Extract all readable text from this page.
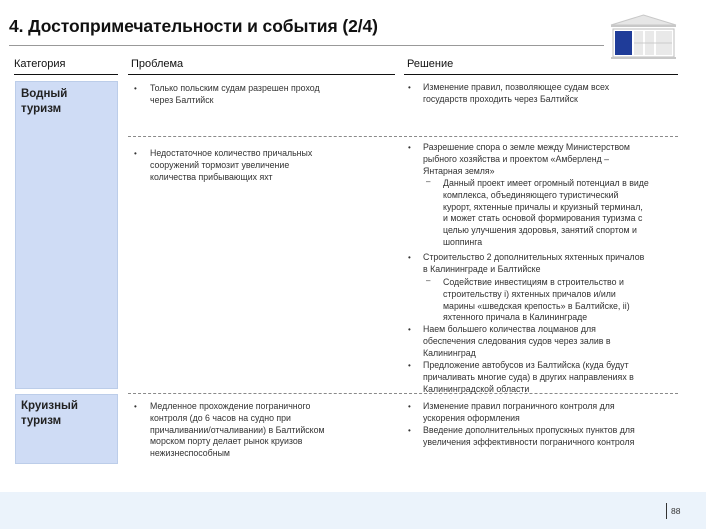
4. Достопримечательности и события (2/4)
Категория	Проблема	Решение
Водный
туризм
Круизный
туризм
• Только польским судам разрешен проход
через Балтийск
• Недостаточное количество причальных
сооружений тормозит увеличение
количества прибывающих яхт
• Медленное прохождение пограничного
контроля (до 6 часов на судно при
причаливании/отчаливании) в Балтийском
морском порту делает рынок круизов
нежизнеспособным
• Изменение правил, позволяющее судам всех
государств проходить через Балтийск
• Разрешение спора о земле между Министерством
рыбного хозяйства и проектом «Амберленд –
Янтарная земля»
– Данный проект имеет огромный потенциал в виде
комплекса, объединяющего туристический
курорт, яхтенные причалы и круизный терминал,
и может стать основой формирования туризма с
целью улучшения здоровья, занятий спортом и
шоппинга
• Строительство 2 дополнительных яхтенных причалов
в Калининграде и Балтийске
– Содействие инвестициям в строительство и
строительству i) яхтенных причалов и/или
марины «шведская крепость» в Балтийске, ii)
яхтенного причала в Калининграде
• Наем большего количества лоцманов для
обеспечения следования судов через залив в
Калининград
• Предложение автобусов из Балтийска (куда будут
причаливать многие суда) в других направлениях в
Калининградской области
• Изменение правил пограничного контроля для
ускорения оформления
• Введение дополнительных пропускных пунктов для
увеличения эффективности пограничного контроля
88
